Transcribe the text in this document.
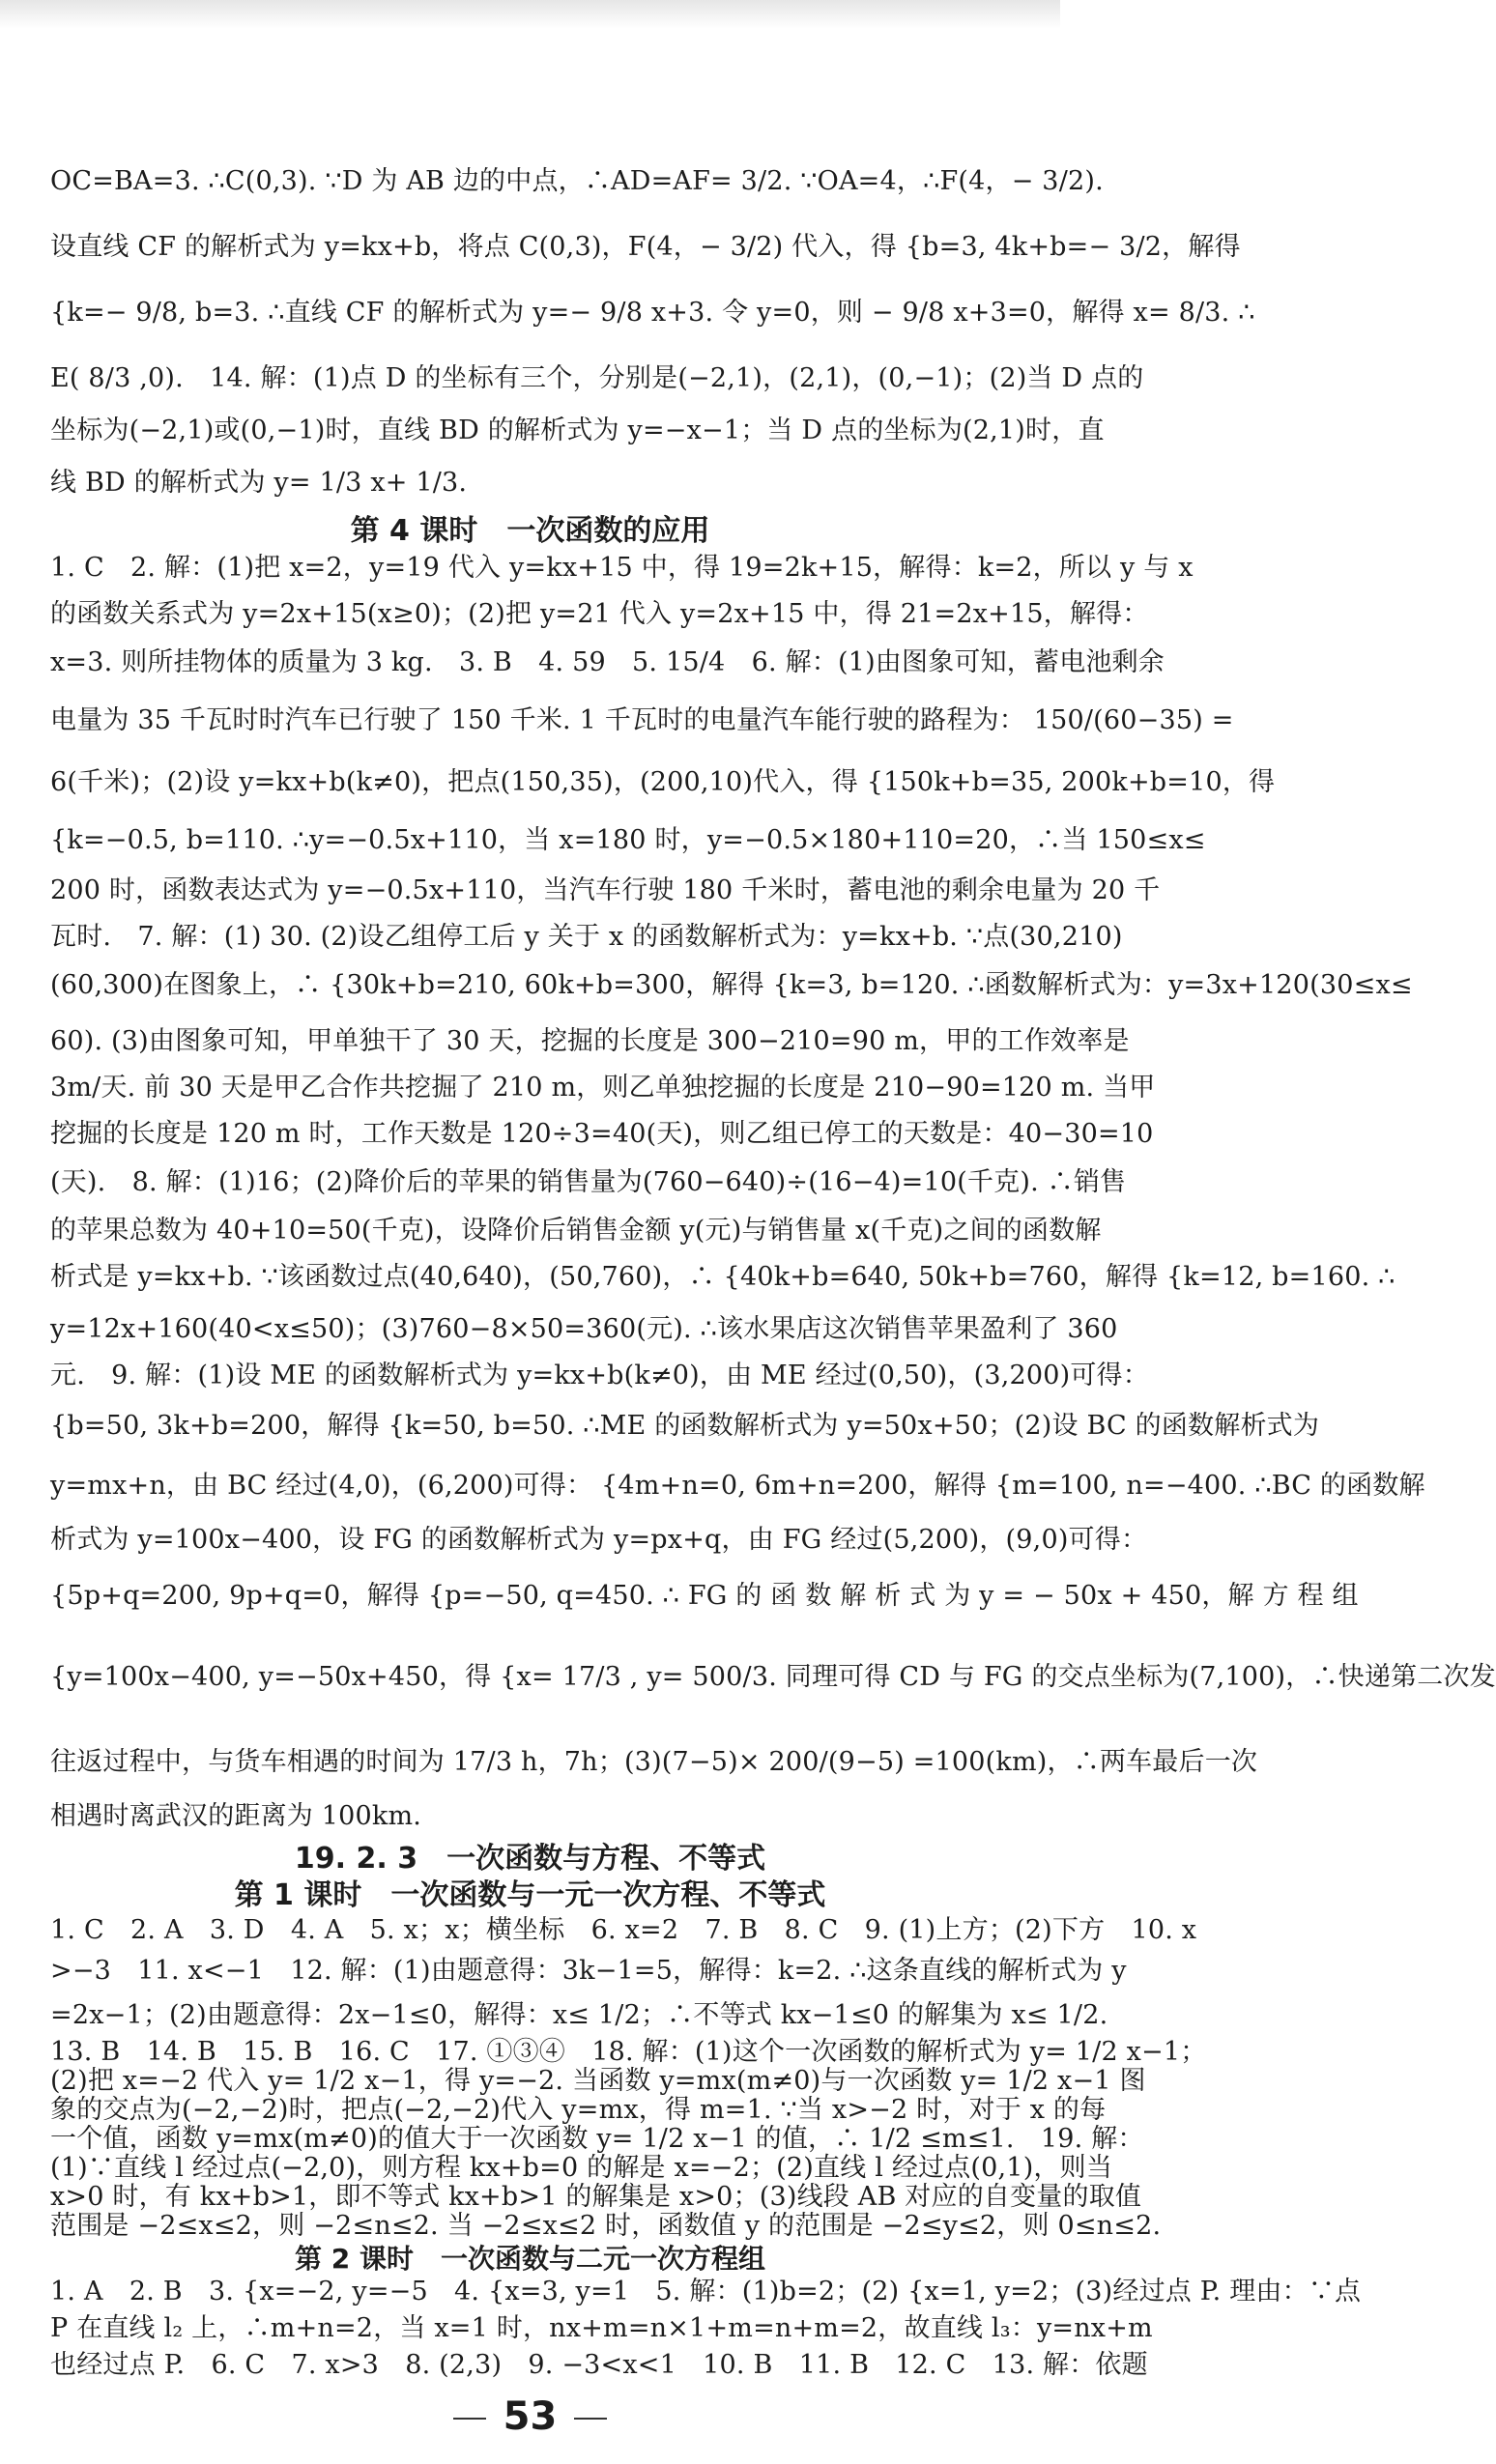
OC=BA=3. ∴C(0,3). ∵D 为 AB 边的中点，∴AD=AF= 3/2. ∵OA=4，∴F(4，− 3/2).
设直线 CF 的解析式为 y=kx+b，将点 C(0,3)，F(4，− 3/2) 代入，得 {b=3, 4k+b=− 3/2，解得
{k=− 9/8, b=3. ∴直线 CF 的解析式为 y=− 9/8 x+3. 令 y=0，则 − 9/8 x+3=0，解得 x= 8/3. ∴
E( 8/3 ,0).　14. 解：(1)点 D 的坐标有三个，分别是(−2,1)，(2,1)，(0,−1)；(2)当 D 点的
坐标为(−2,1)或(0,−1)时，直线 BD 的解析式为 y=−x−1；当 D 点的坐标为(2,1)时，直
线 BD 的解析式为 y= 1/3 x+ 1/3.
第 4 课时　一次函数的应用
1. C　2. 解：(1)把 x=2，y=19 代入 y=kx+15 中，得 19=2k+15，解得：k=2，所以 y 与 x
的函数关系式为 y=2x+15(x≥0)；(2)把 y=21 代入 y=2x+15 中，得 21=2x+15，解得：
x=3. 则所挂物体的质量为 3 kg.　3. B　4. 59　5. 15/4　6. 解：(1)由图象可知，蓄电池剩余
电量为 35 千瓦时时汽车已行驶了 150 千米. 1 千瓦时的电量汽车能行驶的路程为： 150/(60−35) =
6(千米)；(2)设 y=kx+b(k≠0)，把点(150,35)，(200,10)代入，得 {150k+b=35, 200k+b=10，得
{k=−0.5, b=110. ∴y=−0.5x+110，当 x=180 时，y=−0.5×180+110=20，∴当 150≤x≤
200 时，函数表达式为 y=−0.5x+110，当汽车行驶 180 千米时，蓄电池的剩余电量为 20 千
瓦时.　7. 解：(1) 30. (2)设乙组停工后 y 关于 x 的函数解析式为：y=kx+b. ∵点(30,210)
(60,300)在图象上，∴ {30k+b=210, 60k+b=300，解得 {k=3, b=120. ∴函数解析式为：y=3x+120(30≤x≤
60). (3)由图象可知，甲单独干了 30 天，挖掘的长度是 300−210=90 m，甲的工作效率是
3m/天. 前 30 天是甲乙合作共挖掘了 210 m，则乙单独挖掘的长度是 210−90=120 m. 当甲
挖掘的长度是 120 m 时，工作天数是 120÷3=40(天)，则乙组已停工的天数是：40−30=10
(天).　8. 解：(1)16；(2)降价后的苹果的销售量为(760−640)÷(16−4)=10(千克). ∴销售
的苹果总数为 40+10=50(千克)，设降价后销售金额 y(元)与销售量 x(千克)之间的函数解
析式是 y=kx+b. ∵该函数过点(40,640)，(50,760)，∴ {40k+b=640, 50k+b=760，解得 {k=12, b=160. ∴
y=12x+160(40<x≤50)；(3)760−8×50=360(元). ∴该水果店这次销售苹果盈利了 360
元.　9. 解：(1)设 ME 的函数解析式为 y=kx+b(k≠0)，由 ME 经过(0,50)，(3,200)可得：
{b=50, 3k+b=200，解得 {k=50, b=50. ∴ME 的函数解析式为 y=50x+50；(2)设 BC 的函数解析式为
y=mx+n，由 BC 经过(4,0)，(6,200)可得： {4m+n=0, 6m+n=200，解得 {m=100, n=−400. ∴BC 的函数解
析式为 y=100x−400，设 FG 的函数解析式为 y=px+q，由 FG 经过(5,200)，(9,0)可得：
{5p+q=200, 9p+q=0，解得 {p=−50, q=450. ∴ FG 的 函 数 解 析 式 为 y = − 50x + 450，解 方 程 组
{y=100x−400, y=−50x+450，得 {x= 17/3 , y= 500/3. 同理可得 CD 与 FG 的交点坐标为(7,100)，∴快递第二次发
往返过程中，与货车相遇的时间为 17/3 h，7h；(3)(7−5)× 200/(9−5) =100(km)，∴两车最后一次
相遇时离武汉的距离为 100km.
19. 2. 3　一次函数与方程、不等式
第 1 课时　一次函数与一元一次方程、不等式
1. C　2. A　3. D　4. A　5. x；x；横坐标　6. x=2　7. B　8. C　9. (1)上方；(2)下方　10. x
>−3　11. x<−1　12. 解：(1)由题意得：3k−1=5，解得：k=2. ∴这条直线的解析式为 y
=2x−1；(2)由题意得：2x−1≤0，解得：x≤ 1/2；∴不等式 kx−1≤0 的解集为 x≤ 1/2.
13. B　14. B　15. B　16. C　17. ①③④　18. 解：(1)这个一次函数的解析式为 y= 1/2 x−1；
(2)把 x=−2 代入 y= 1/2 x−1，得 y=−2. 当函数 y=mx(m≠0)与一次函数 y= 1/2 x−1 图
象的交点为(−2,−2)时，把点(−2,−2)代入 y=mx，得 m=1. ∵当 x>−2 时，对于 x 的每
一个值，函数 y=mx(m≠0)的值大于一次函数 y= 1/2 x−1 的值，∴ 1/2 ≤m≤1.　19. 解：
(1)∵直线 l 经过点(−2,0)，则方程 kx+b=0 的解是 x=−2；(2)直线 l 经过点(0,1)，则当
x>0 时，有 kx+b>1，即不等式 kx+b>1 的解集是 x>0；(3)线段 AB 对应的自变量的取值
范围是 −2≤x≤2，则 −2≤n≤2. 当 −2≤x≤2 时，函数值 y 的范围是 −2≤y≤2，则 0≤n≤2.
第 2 课时　一次函数与二元一次方程组
53
1. A　2. B　3. {x=−2, y=−5　4. {x=3, y=1　5. 解：(1)b=2；(2) {x=1, y=2；(3)经过点 P. 理由：∵点
P 在直线 l₂ 上，∴m+n=2，当 x=1 时，nx+m=n×1+m=n+m=2，故直线 l₃：y=nx+m
也经过点 P.　6. C　7. x>3　8. (2,3)　9. −3<x<1　10. B　11. B　12. C　13. 解：依题
